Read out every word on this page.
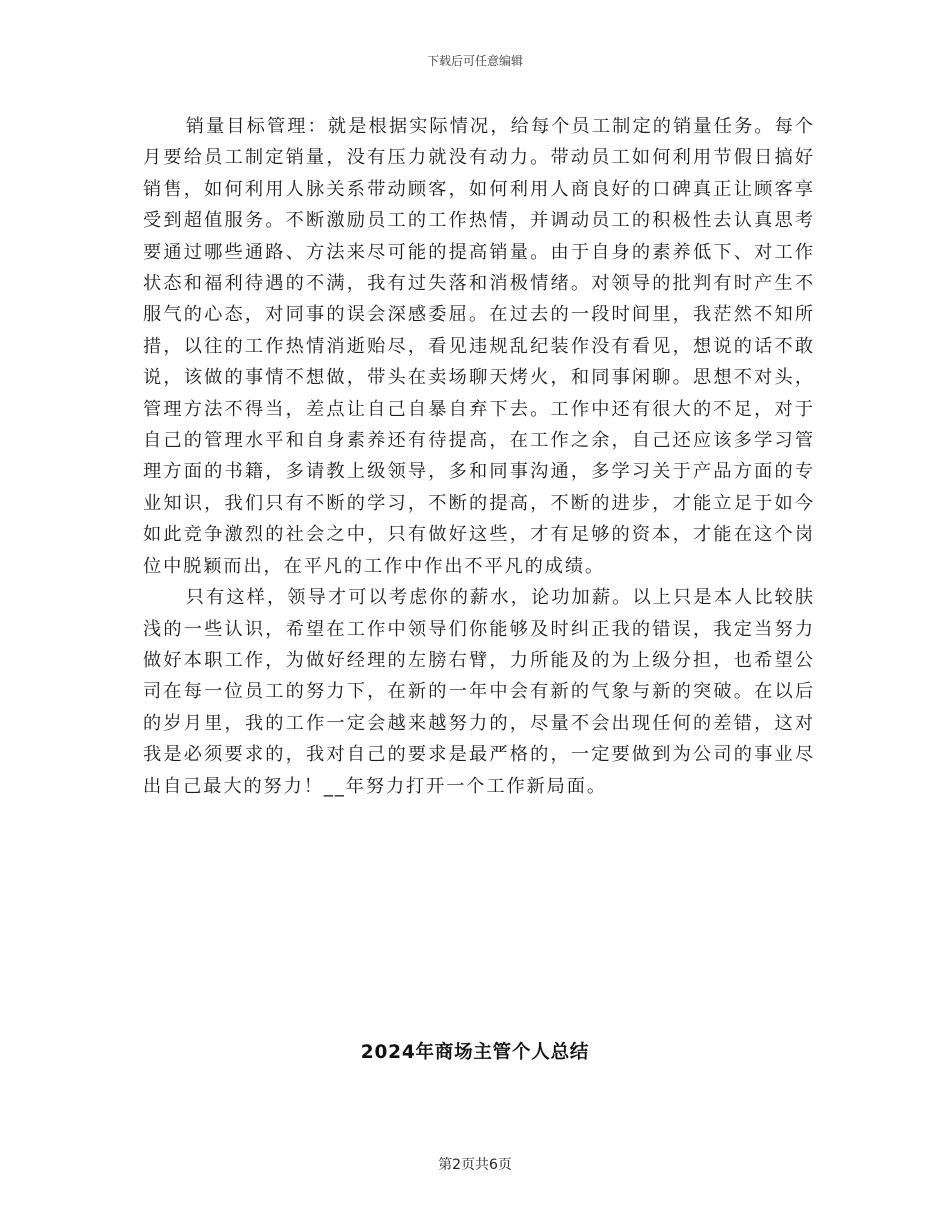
下载后可任意编辑

销量目标管理：就是根据实际情况，给每个员工制定的销量任务。每个月要给员工制定销量，没有压力就没有动力。带动员工如何利用节假日搞好销售，如何利用人脉关系带动顾客，如何利用人商良好的口碑真正让顾客享受到超值服务。不断激励员工的工作热情，并调动员工的积极性去认真思考要通过哪些通路、方法来尽可能的提高销量。由于自身的素养低下、对工作状态和福利待遇的不满，我有过失落和消极情绪。对领导的批判有时产生不服气的心态，对同事的误会深感委屈。在过去的一段时间里，我茫然不知所措，以往的工作热情消逝贻尽，看见违规乱纪装作没有看见，想说的话不敢说，该做的事情不想做，带头在卖场聊天烤火，和同事闲聊。思想不对头，管理方法不得当，差点让自己自暴自弃下去。工作中还有很大的不足，对于自己的管理水平和自身素养还有待提高，在工作之余，自己还应该多学习管理方面的书籍，多请教上级领导，多和同事沟通，多学习关于产品方面的专业知识，我们只有不断的学习，不断的提高，不断的进步，才能立足于如今如此竞争激烈的社会之中，只有做好这些，才有足够的资本，才能在这个岗位中脱颖而出，在平凡的工作中作出不平凡的成绩。

只有这样，领导才可以考虑你的薪水，论功加薪。以上只是本人比较肤浅的一些认识，希望在工作中领导们你能够及时纠正我的错误，我定当努力做好本职工作，为做好经理的左膀右臂，力所能及的为上级分担，也希望公司在每一位员工的努力下，在新的一年中会有新的气象与新的突破。在以后的岁月里，我的工作一定会越来越努力的，尽量不会出现任何的差错，这对我是必须要求的，我对自己的要求是最严格的，一定要做到为公司的事业尽出自己最大的努力！__年努力打开一个工作新局面。

2024年商场主管个人总结
第2页共6页
